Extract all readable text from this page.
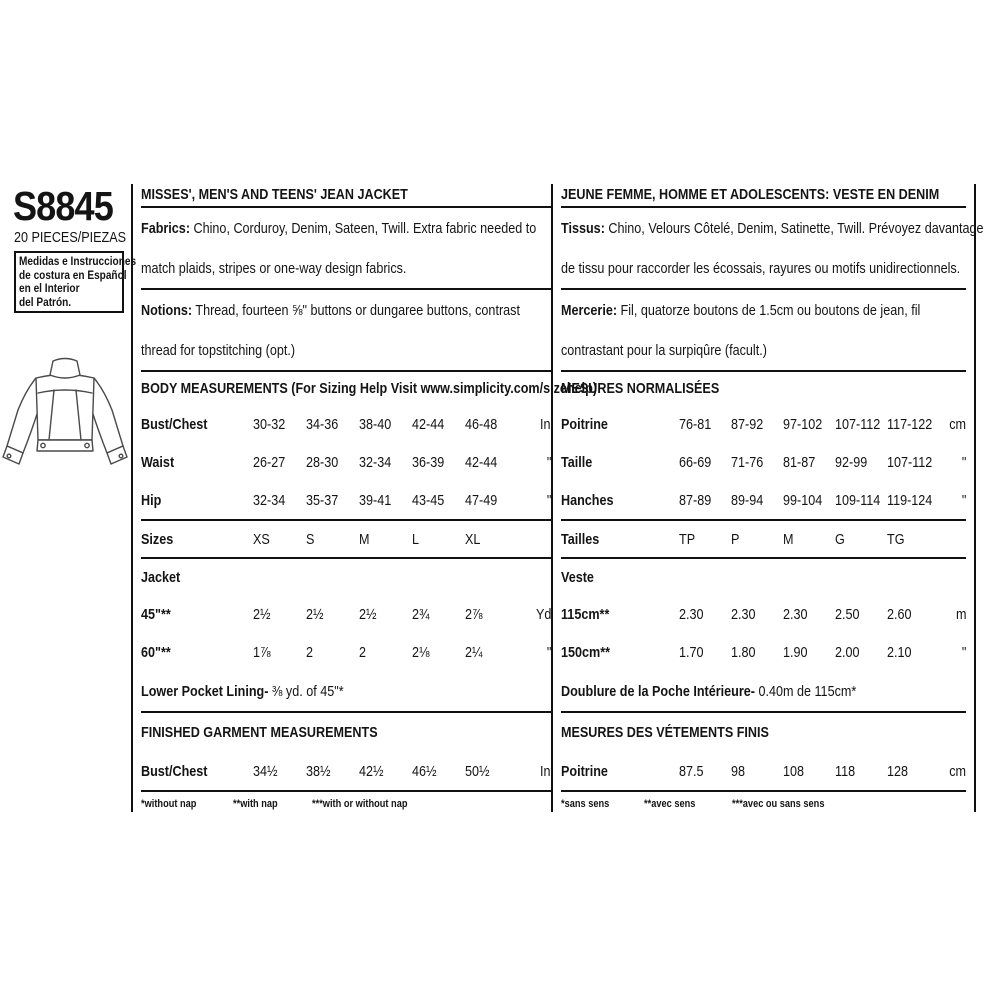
S8845
20 PIECES/PIEZAS
Medidas e Instrucciones
de costura en Español
en el Interior
del Patrón.
MISSES', MEN'S AND TEENS' JEAN JACKET
Fabrics: Chino, Corduroy, Denim, Sateen, Twill. Extra fabric needed to
match plaids, stripes or one-way design fabrics.
Notions: Thread, fourteen ⅝" buttons or dungaree buttons, contrast
thread for topstitching (opt.)
BODY MEASUREMENTS (For Sizing Help Visit www.simplicity.com/sizehelp)
Bust/Chest	30-32	34-36	38-40	42-44	46-48	In
Waist	26-27	28-30	32-34	36-39	42-44	"
Hip	32-34	35-37	39-41	43-45	47-49	"
Sizes	XS	S	M	L	XL
Jacket
45"**	2½	2½	2½	2¾	2⅞	Yd
60"**	1⅞	2	2	2⅛	2¼	"
Lower Pocket Lining- ⅜ yd. of 45"*
FINISHED GARMENT MEASUREMENTS
Bust/Chest	34½	38½	42½	46½	50½	In
*without nap	**with nap	***with or without nap
JEUNE FEMME, HOMME ET ADOLESCENTS: VESTE EN DENIM
Tissus: Chino, Velours Côtelé, Denim, Satinette, Twill. Prévoyez davantage
de tissu pour raccorder les écossais, rayures ou motifs unidirectionnels.
Mercerie: Fil, quatorze boutons de 1.5cm ou boutons de jean, fil
contrastant pour la surpiqûre (facult.)
MESURES NORMALISÉES
Poitrine	76-81	87-92	97-102 107-112 117-122	cm
Taille	66-69	71-76	81-87	92-99	107-112	"
Hanches	87-89	89-94	99-104 109-114 119-124	"
Tailles	TP	P	M	G	TG
Veste
115cm**	2.30	2.30	2.30	2.50	2.60	m
150cm**	1.70	1.80	1.90	2.00	2.10	"
Doublure de la Poche Intérieure- 0.40m de 115cm*
MESURES DES VÉTEMENTS FINIS
Poitrine	87.5	98	108	118	128	cm
*sans sens	**avec sens	***avec ou sans sens
